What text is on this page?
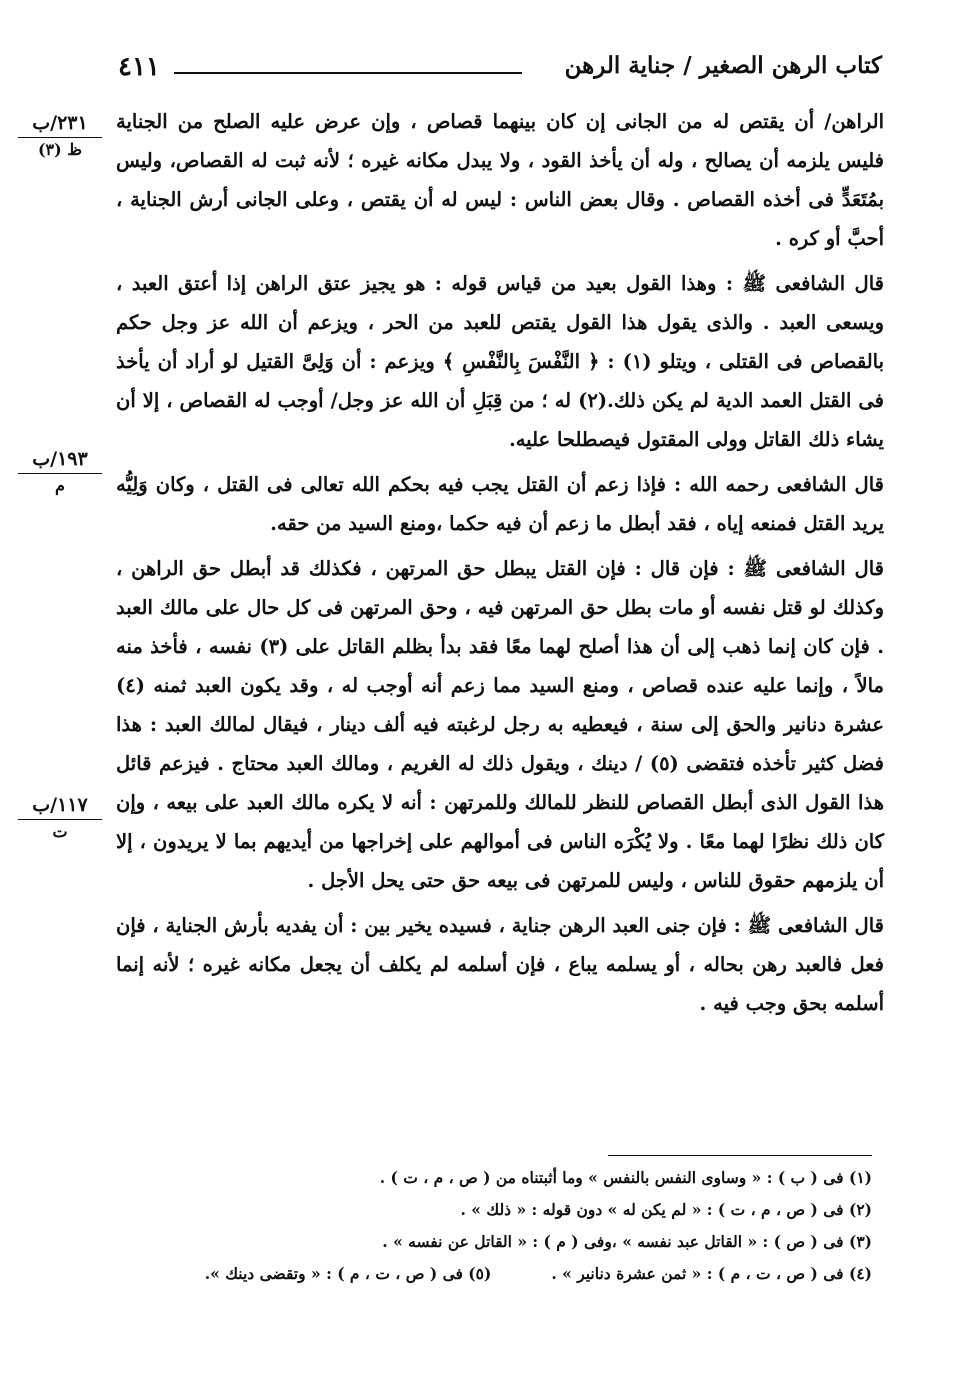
٤١١	كتاب الرهن الصغير / جناية الرهن
٢٣١/ب
ظ (٣)
١٩٣/ب
م
١١٧/ب
ت

الراهن/ أن يقتص له من الجانى إن كان بينهما قصاص ، وإن عرض عليه الصلح من الجناية فليس يلزمه أن يصالح ، وله أن يأخذ القود ، ولا يبدل مكانه غيره ؛ لأنه ثبت له القصاص، وليس بمُتَعَدٍّ فى أخذه القصاص . وقال بعض الناس : ليس له أن يقتص ، وعلى الجانى أرش الجناية ، أحبَّ أو كره .

قال الشافعى ﷺ : وهذا القول بعيد من قياس قوله : هو يجيز عتق الراهن إذا أعتق العبد ، ويسعى العبد . والذى يقول هذا القول يقتص للعبد من الحر ، ويزعم أن الله عز وجل حكم بالقصاص فى القتلى ، ويتلو (١) : ﴿ النَّفْسَ بِالنَّفْسِ ﴾ ويزعم : أن وَلِىَّ القتيل لو أراد أن يأخذ فى القتل العمد الدية لم يكن ذلك.(٢) له ؛ من قِبَلِ أن الله عز وجل/ أوجب له القصاص ، إلا أن يشاء ذلك القاتل وولى المقتول فيصطلحا عليه.

قال الشافعى رحمه الله : فإذا زعم أن القتل يجب فيه بحكم الله تعالى فى القتل ، وكان وَلِيُّه يريد القتل فمنعه إياه ، فقد أبطل ما زعم أن فيه حكما ،ومنع السيد من حقه.

قال الشافعى ﷺ : فإن قال : فإن القتل يبطل حق المرتهن ، فكذلك قد أبطل حق الراهن ، وكذلك لو قتل نفسه أو مات بطل حق المرتهن فيه ، وحق المرتهن فى كل حال على مالك العبد . فإن كان إنما ذهب إلى أن هذا أصلح لهما معًا فقد بدأ بظلم القاتل على (٣) نفسه ، فأخذ منه مالاً ، وإنما عليه عنده قصاص ، ومنع السيد مما زعم أنه أوجب له ، وقد يكون العبد ثمنه (٤) عشرة دنانير والحق إلى سنة ، فيعطيه به رجل لرغبته فيه ألف دينار ، فيقال لمالك العبد : هذا فضل كثير تأخذه فتقضى (٥) / دينك ، ويقول ذلك له الغريم ، ومالك العبد محتاج . فيزعم قائل هذا القول الذى أبطل القصاص للنظر للمالك وللمرتهن : أنه لا يكره مالك العبد على بيعه ، وإن كان ذلك نظرًا لهما معًا . ولا يُكْرَه الناس فى أموالهم على إخراجها من أيديهم بما لا يريدون ، إلا أن يلزمهم حقوق للناس ، وليس للمرتهن فى بيعه حق حتى يحل الأجل .

قال الشافعى ﷺ : فإن جنى العبد الرهن جناية ، فسيده يخير بين : أن يفديه بأرش الجناية ، فإن فعل فالعبد رهن بحاله ، أو يسلمه يباع ، فإن أسلمه لم يكلف أن يجعل مكانه غيره ؛ لأنه إنما أسلمه بحق وجب فيه .

(١) فى ( ب ) : « وساوى النفس بالنفس » وما أثبتناه من ( ص ، م ، ت ) .
(٢) فى ( ص ، م ، ت ) : « لم يكن له » دون قوله : « ذلك » .
(٣) فى ( ص ) : « القاتل عبد نفسه » ،وفى ( م ) : « القاتل عن نفسه » .
(٤) فى ( ص ، ت ، م ) : « ثمن عشرة دنانير » .(٥) فى ( ص ، ت ، م ) : « وتقضى دينك ».
